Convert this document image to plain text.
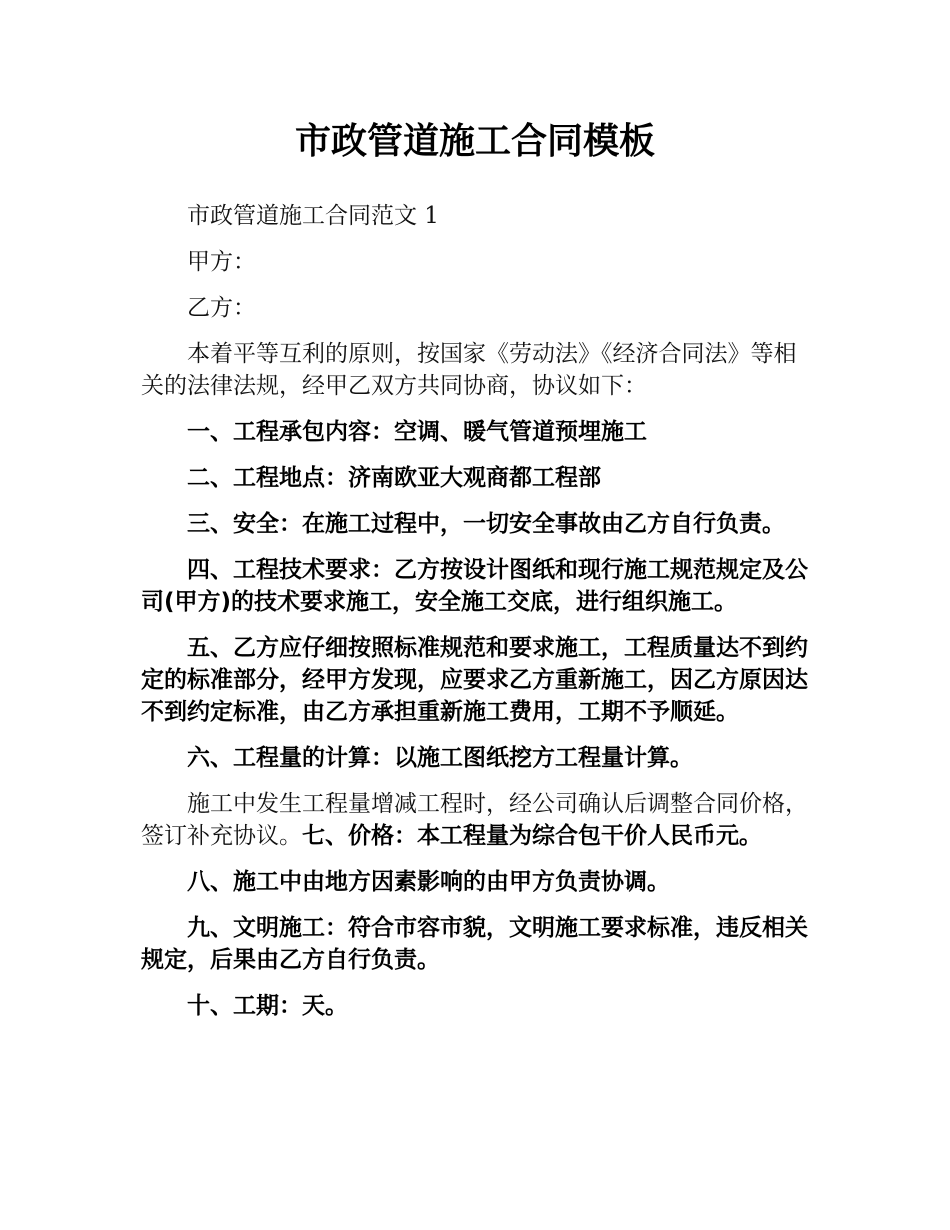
市政管道施工合同模板

市政管道施工合同范文 1

甲方：

乙方：

本着平等互利的原则，按国家《劳动法》《经济合同法》等相关的法律法规，经甲乙双方共同协商，协议如下：

一、工程承包内容：空调、暖气管道预埋施工

二、工程地点：济南欧亚大观商都工程部

三、安全：在施工过程中，一切安全事故由乙方自行负责。

四、工程技术要求：乙方按设计图纸和现行施工规范规定及公司(甲方)的技术要求施工，安全施工交底，进行组织施工。

五、乙方应仔细按照标准规范和要求施工，工程质量达不到约定的标准部分，经甲方发现，应要求乙方重新施工，因乙方原因达不到约定标准，由乙方承担重新施工费用，工期不予顺延。

六、工程量的计算：以施工图纸挖方工程量计算。

施工中发生工程量增减工程时，经公司确认后调整合同价格，签订补充协议。七、价格：本工程量为综合包干价人民币元。

八、施工中由地方因素影响的由甲方负责协调。

九、文明施工：符合市容市貌，文明施工要求标准，违反相关规定，后果由乙方自行负责。

十、工期：天。
